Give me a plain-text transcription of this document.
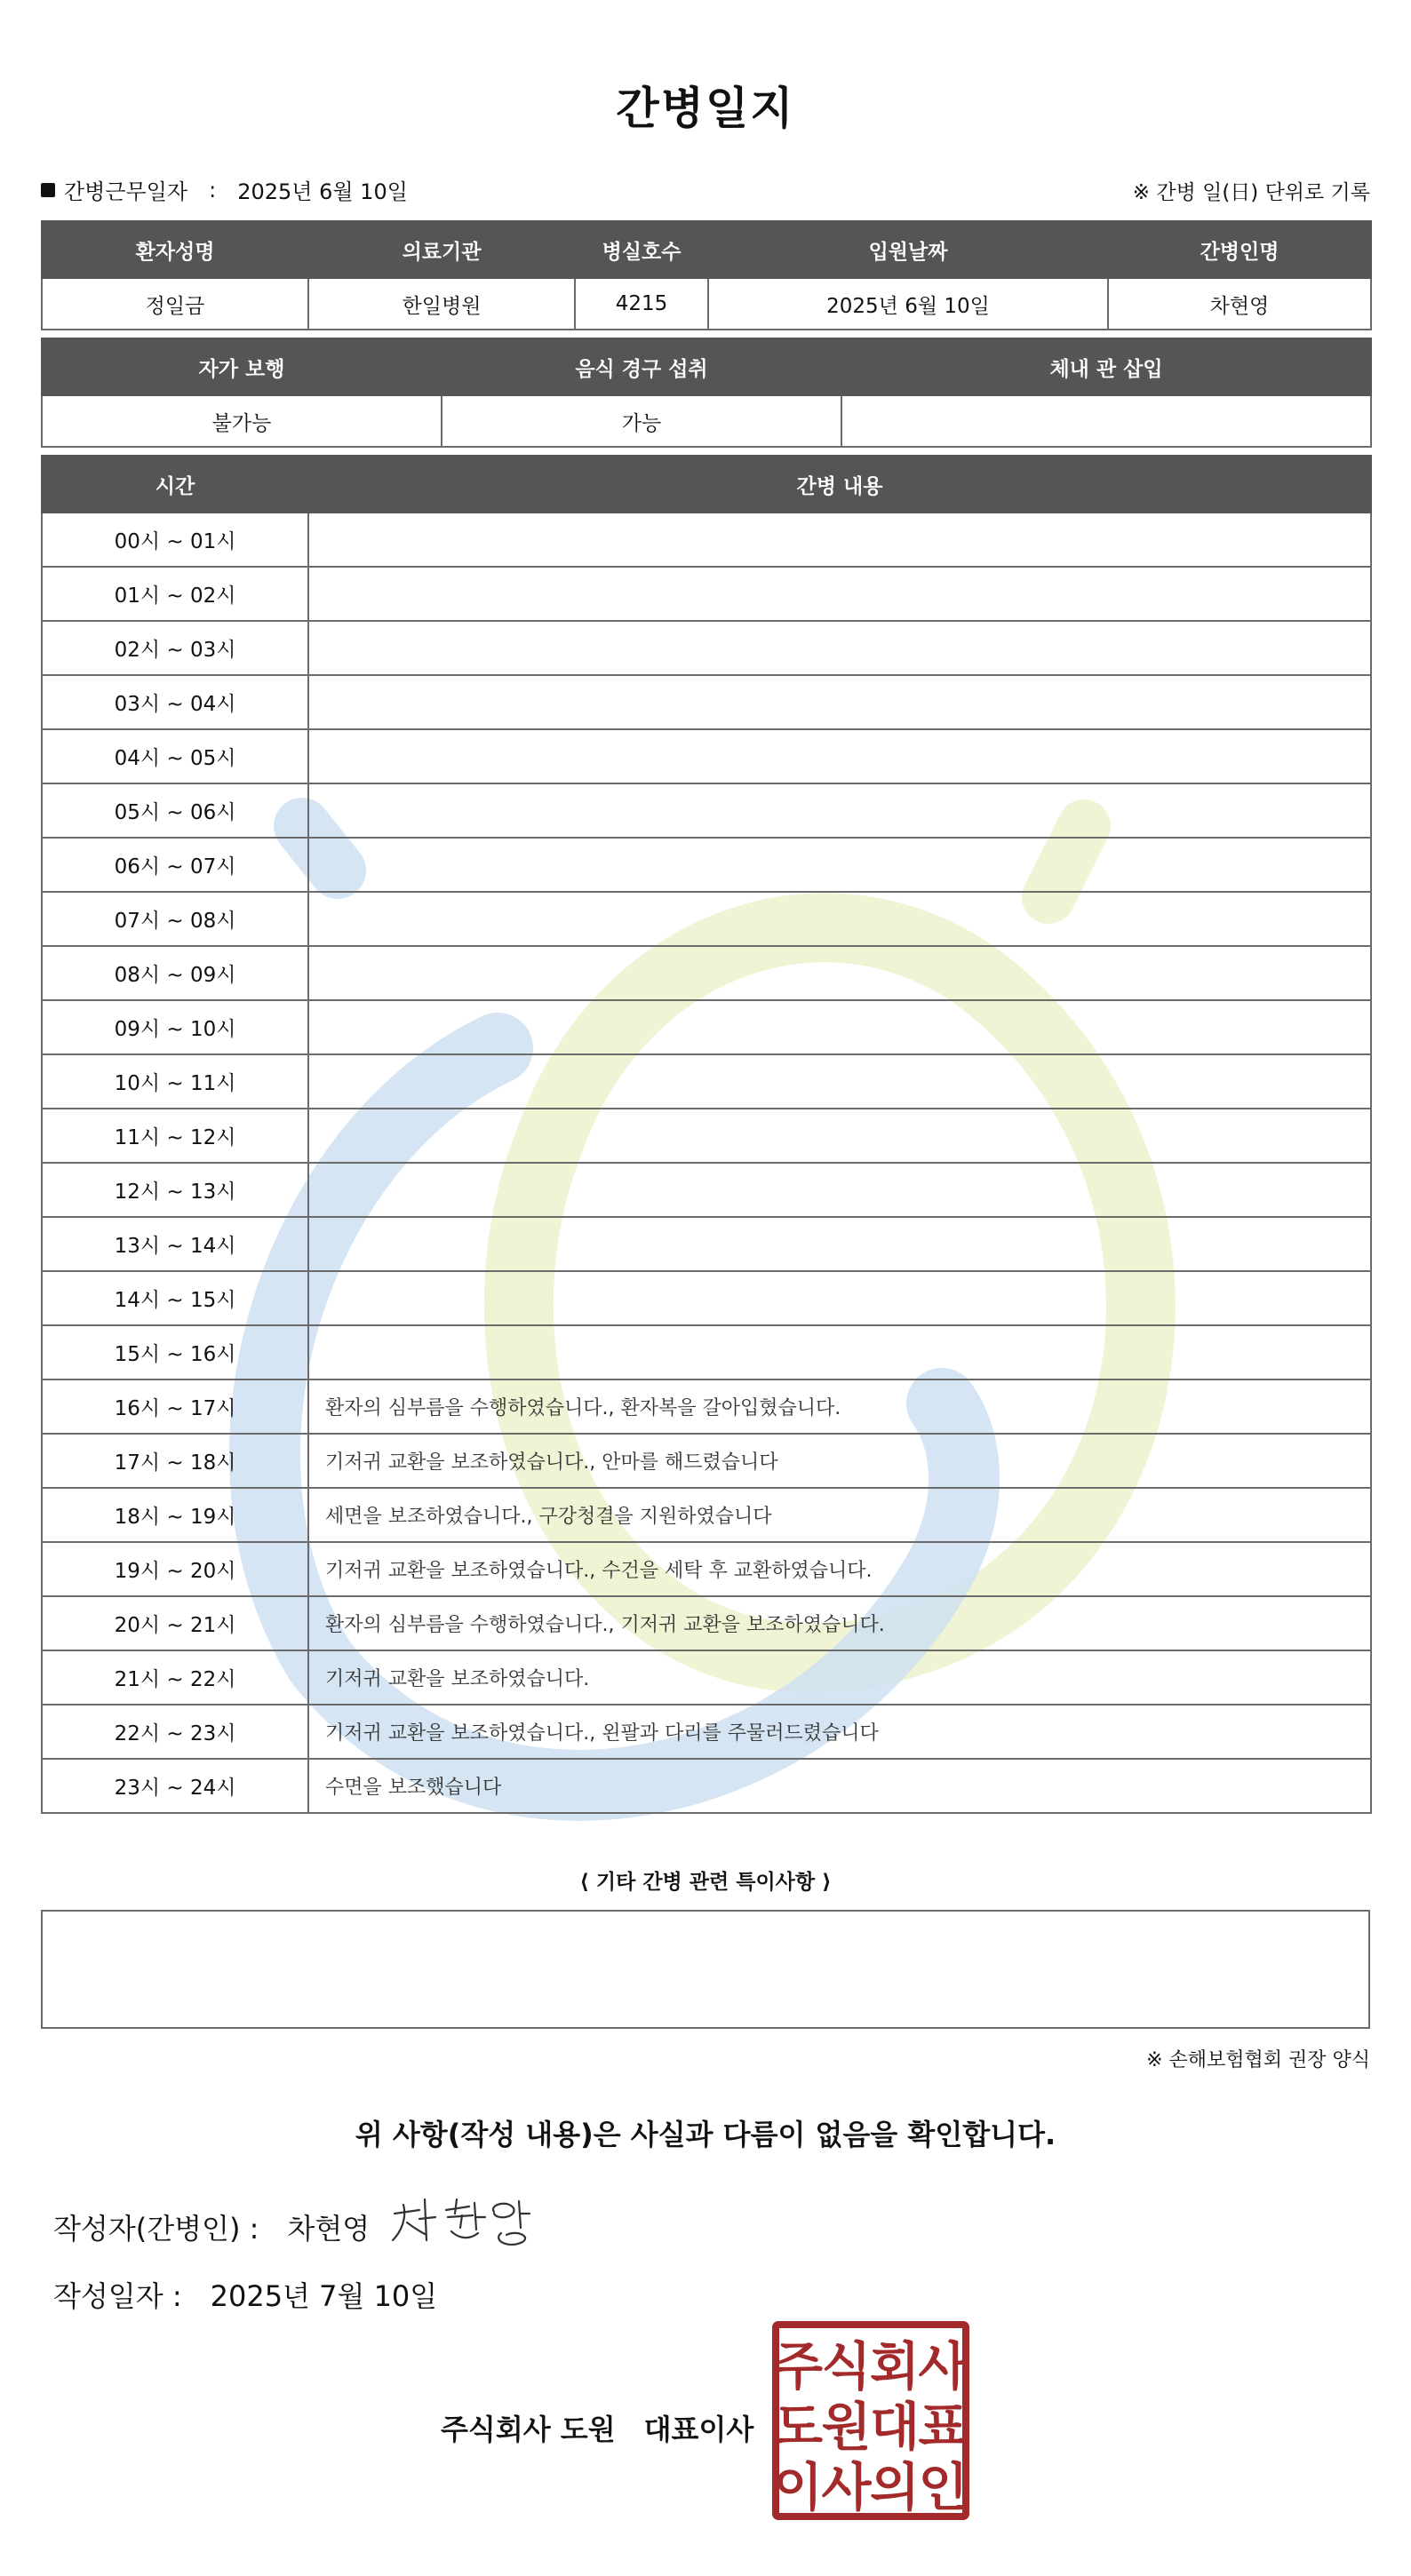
간병일지
간병근무일자 : 2025년 6월 10일	※ 간병 일(日) 단위로 기록
환자성명	의료기관	병실호수	입원날짜	간병인명
정일금	한일병원	4215	2025년 6월 10일	차현영
자가 보행	음식 경구 섭취	체내 관 삽입
불가능	가능	
시간	간병 내용
00시 ~ 01시	
01시 ~ 02시	
02시 ~ 03시	
03시 ~ 04시	
04시 ~ 05시	
05시 ~ 06시	
06시 ~ 07시	
07시 ~ 08시	
08시 ~ 09시	
09시 ~ 10시	
10시 ~ 11시	
11시 ~ 12시	
12시 ~ 13시	
13시 ~ 14시	
14시 ~ 15시	
15시 ~ 16시	
16시 ~ 17시	환자의 심부름을 수행하였습니다., 환자복을 갈아입혔습니다.
17시 ~ 18시	기저귀 교환을 보조하였습니다., 안마를 해드렸습니다
18시 ~ 19시	세면을 보조하였습니다., 구강청결을 지원하였습니다
19시 ~ 20시	기저귀 교환을 보조하였습니다., 수건을 세탁 후 교환하였습니다.
20시 ~ 21시	환자의 심부름을 수행하였습니다., 기저귀 교환을 보조하였습니다.
21시 ~ 22시	기저귀 교환을 보조하였습니다.
22시 ~ 23시	기저귀 교환을 보조하였습니다., 왼팔과 다리를 주물러드렸습니다
23시 ~ 24시	수면을 보조했습니다
⟨ 기타 간병 관련 특이사항 ⟩
※ 손해보험협회 권장 양식
위 사항(작성 내용)은 사실과 다름이 없음을 확인합니다.
작성자(간병인) : 차현영
작성일자 : 2025년 7월 10일
주식회사 도원 대표이사
주
식
회
사
도
원
대
표
이
사
의
인
